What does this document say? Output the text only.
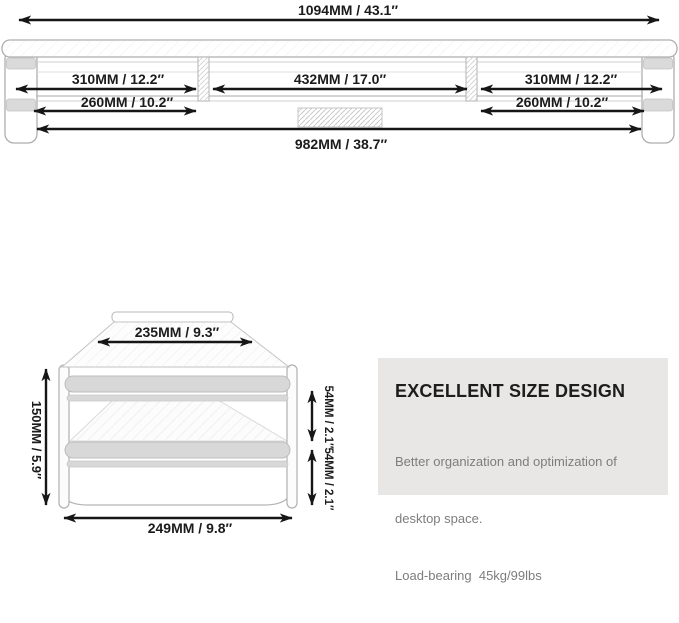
1094MM / 43.1″
310MM / 12.2″	432MM / 17.0″	310MM / 12.2″
260MM / 10.2″	260MM / 10.2″
982MM / 38.7″
235MM / 9.3″
150MM / 5.9″	54MM / 2.1″
54MM / 2.1″
249MM / 9.8″
EXCELLENT SIZE DESIGN

Better organization and optimization of

desktop space.

Load-bearing  45kg/99lbs
